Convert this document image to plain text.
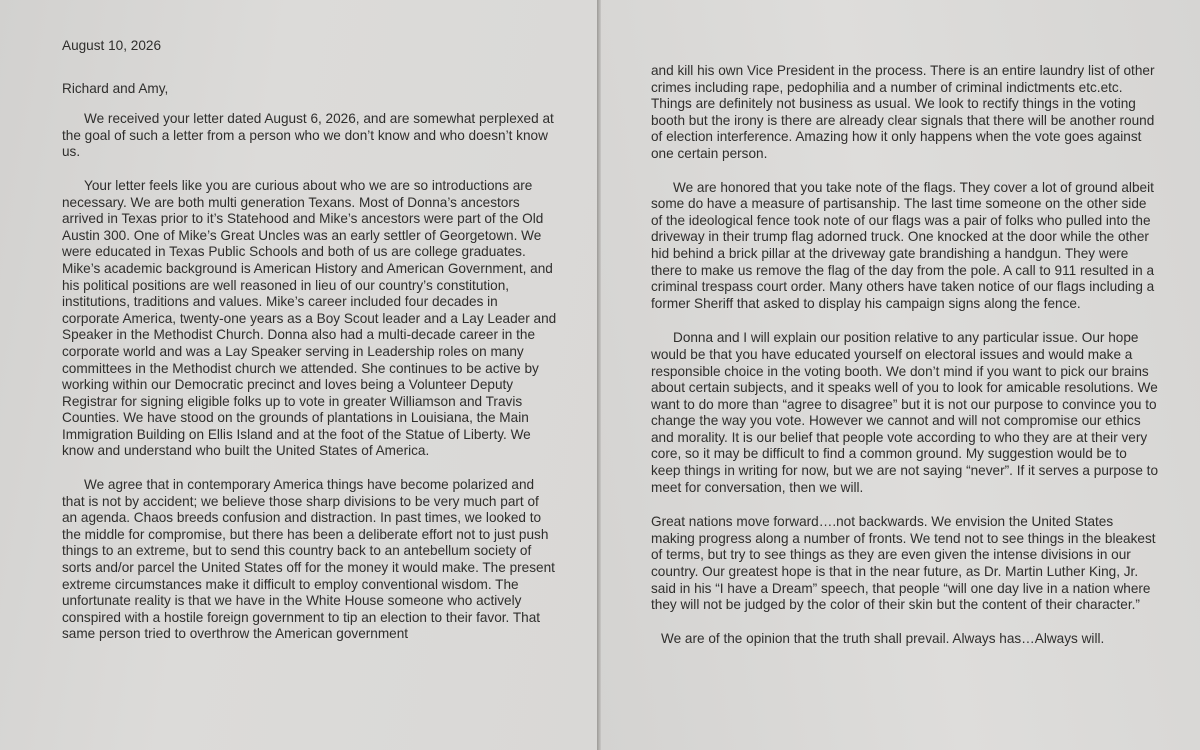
August 10, 2026

Richard and Amy,

We received your letter dated August 6, 2026, and are somewhat perplexed at the goal of such a letter from a person who we don’t know and who doesn’t know us.

Your letter feels like you are curious about who we are so introductions are necessary. We are both multi generation Texans. Most of Donna’s ancestors arrived in Texas prior to it’s Statehood and Mike’s ancestors were part of the Old Austin 300. One of Mike’s Great Uncles was an early settler of Georgetown. We were educated in Texas Public Schools and both of us are college graduates. Mike’s academic background is American History and American Government, and his political positions are well reasoned in lieu of our country’s constitution, institutions, traditions and values. Mike’s career included four decades in corporate America, twenty-one years as a Boy Scout leader and a Lay Leader and Speaker in the Methodist Church. Donna also had a multi-decade career in the corporate world and was a Lay Speaker serving in Leadership roles on many committees in the Methodist church we attended. She continues to be active by working within our Democratic precinct and loves being a Volunteer Deputy Registrar for signing eligible folks up to vote in greater Williamson and Travis Counties. We have stood on the grounds of plantations in Louisiana, the Main Immigration Building on Ellis Island and at the foot of the Statue of Liberty. We know and understand who built the United States of America.

We agree that in contemporary America things have become polarized and that is not by accident; we believe those sharp divisions to be very much part of an agenda. Chaos breeds confusion and distraction. In past times, we looked to the middle for compromise, but there has been a deliberate effort not to just push things to an extreme, but to send this country back to an antebellum society of sorts and/or parcel the United States off for the money it would make. The present extreme circumstances make it difficult to employ conventional wisdom. The unfortunate reality is that we have in the White House someone who actively conspired with a hostile foreign government to tip an election to their favor. That same person tried to overthrow the American government

and kill his own Vice President in the process. There is an entire laundry list of other crimes including rape, pedophilia and a number of criminal indictments etc.etc. Things are definitely not business as usual. We look to rectify things in the voting booth but the irony is there are already clear signals that there will be another round of election interference. Amazing how it only happens when the vote goes against one certain person.

We are honored that you take note of the flags. They cover a lot of ground albeit some do have a measure of partisanship. The last time someone on the other side of the ideological fence took note of our flags was a pair of folks who pulled into the driveway in their trump flag adorned truck. One knocked at the door while the other hid behind a brick pillar at the driveway gate brandishing a handgun. They were there to make us remove the flag of the day from the pole. A call to 911 resulted in a criminal trespass court order. Many others have taken notice of our flags including a former Sheriff that asked to display his campaign signs along the fence.

Donna and I will explain our position relative to any particular issue. Our hope would be that you have educated yourself on electoral issues and would make a responsible choice in the voting booth. We don’t mind if you want to pick our brains about certain subjects, and it speaks well of you to look for amicable resolutions. We want to do more than “agree to disagree” but it is not our purpose to convince you to change the way you vote. However we cannot and will not compromise our ethics and morality. It is our belief that people vote according to who they are at their very core, so it may be difficult to find a common ground. My suggestion would be to keep things in writing for now, but we are not saying “never”. If it serves a purpose to meet for conversation, then we will.

Great nations move forward….not backwards. We envision the United States making progress along a number of fronts. We tend not to see things in the bleakest of terms, but try to see things as they are even given the intense divisions in our country. Our greatest hope is that in the near future, as Dr. Martin Luther King, Jr. said in his “I have a Dream” speech, that people “will one day live in a nation where they will not be judged by the color of their skin but the content of their character.”

We are of the opinion that the truth shall prevail. Always has…Always will.
